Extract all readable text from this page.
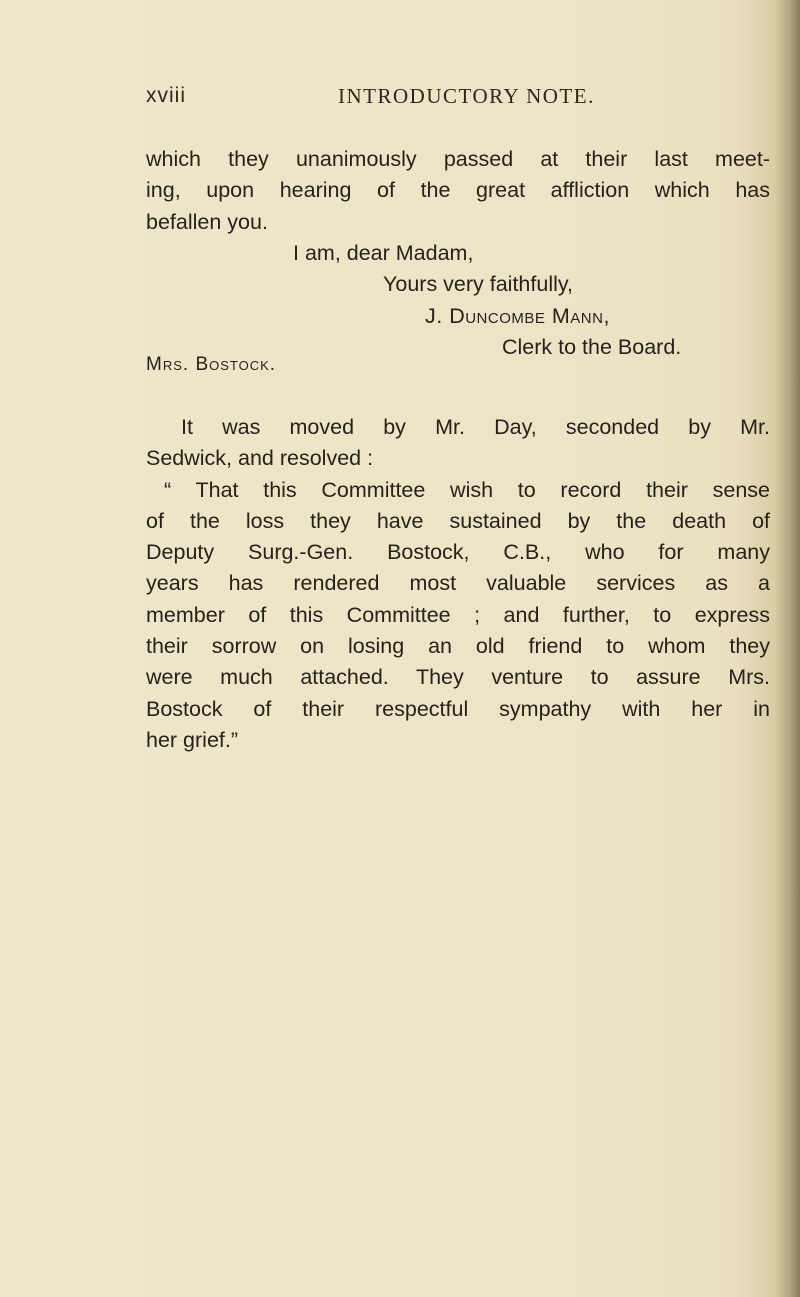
xviii	INTRODUCTORY NOTE.
which they unanimously passed at their last meet-
ing, upon hearing of the great affliction which has
befallen you.
I am, dear Madam,
Yours very faithfully,
J. Duncombe Mann,
Clerk to the Board.
Mrs. Bostock.
It was moved by Mr. Day, seconded by Mr.
Sedwick, and resolved :
“ That this Committee wish to record their sense
of the loss they have sustained by the death of
Deputy Surg.-Gen. Bostock, C.B., who for many
years has rendered most valuable services as a
member of this Committee ; and further, to express
their sorrow on losing an old friend to whom they
were much attached. They venture to assure Mrs.
Bostock of their respectful sympathy with her in
her grief.”
